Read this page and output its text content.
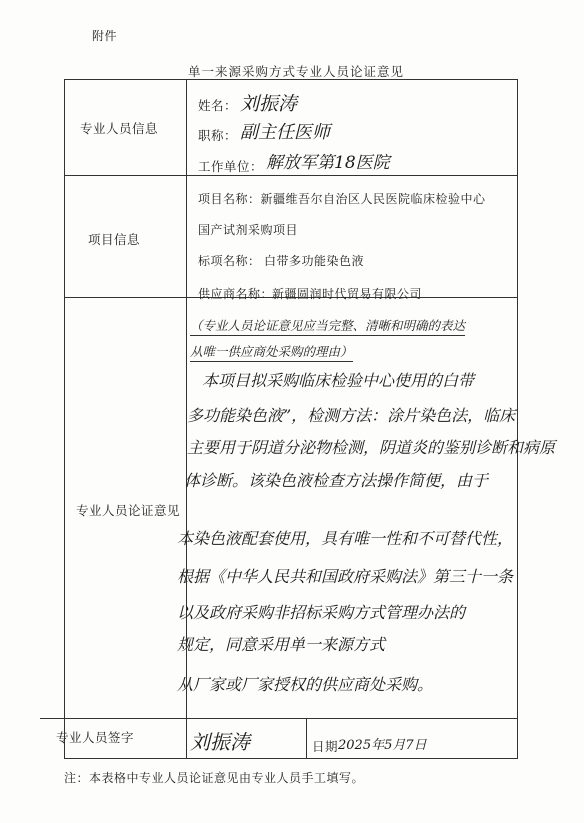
附件
单一来源采购方式专业人员论证意见
专业人员信息
姓名： 刘振涛
职称： 副主任医师
工作单位： 解放军第18医院
项目信息
项目名称：新疆维吾尔自治区人民医院临床检验中心
国产试剂采购项目
标项名称： 白带多功能染色液
供应商名称：
新疆圆润时代贸易有限公司
专业人员论证意见
（专业人员论证意见应当完整、清晰和明确的表达
从唯一供应商处采购的理由）
本项目拟采购临床检验中心使用的白带
多功能染色液”，检测方法：涂片染色法，临床
主要用于阴道分泌物检测，阴道炎的鉴别诊断和病原
体诊断。该染色液检查方法操作简便，由于
本染色液配套使用，具有唯一性和不可替代性，
根据《中华人民共和国政府采购法》第三十一条
以及政府采购非招标采购方式管理办法的
规定，同意采用单一来源方式
从厂家或厂家授权的供应商处采购。
专业人员签字	刘振涛	日期 2025年5月7日
注：本表格中专业人员论证意见由专业人员手工填写。
